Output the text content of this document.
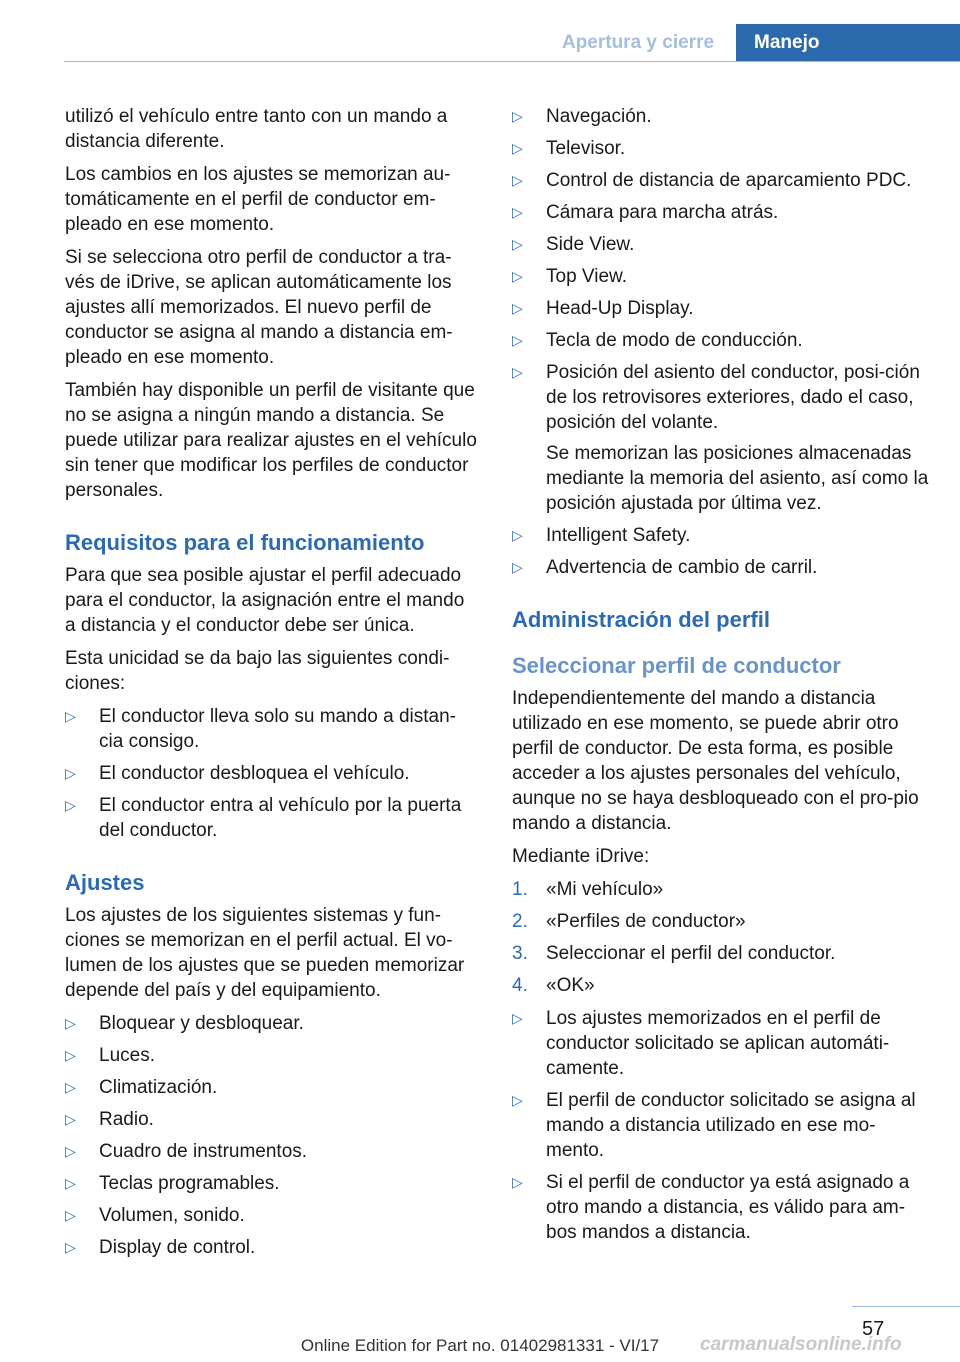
Apertura y cierre	Manejo

utilizó el vehículo entre tanto con un mando a distancia diferente.

Los cambios en los ajustes se memorizan au-tomáticamente en el perfil de conductor em-pleado en ese momento.

Si se selecciona otro perfil de conductor a tra-vés de iDrive, se aplican automáticamente los ajustes allí memorizados. El nuevo perfil de conductor se asigna al mando a distancia em-pleado en ese momento.

También hay disponible un perfil de visitante que no se asigna a ningún mando a distancia. Se puede utilizar para realizar ajustes en el vehículo sin tener que modificar los perfiles de conductor personales.

Requisitos para el funcionamiento

Para que sea posible ajustar el perfil adecuado para el conductor, la asignación entre el mando a distancia y el conductor debe ser única.

Esta unicidad se da bajo las siguientes condi-ciones:

▷ El conductor lleva solo su mando a distan-cia consigo.
▷ El conductor desbloquea el vehículo.
▷ El conductor entra al vehículo por la puerta del conductor.
Ajustes

Los ajustes de los siguientes sistemas y fun-ciones se memorizan en el perfil actual. El vo-lumen de los ajustes que se pueden memorizar depende del país y del equipamiento.

▷ Bloquear y desbloquear.
▷ Luces.
▷ Climatización.
▷ Radio.
▷ Cuadro de instrumentos.
▷ Teclas programables.
▷ Volumen, sonido.
▷ Display de control.
▷ Navegación.
▷ Televisor.
▷ Control de distancia de aparcamiento PDC.
▷ Cámara para marcha atrás.
▷ Side View.
▷ Top View.
▷ Head-Up Display.
▷ Tecla de modo de conducción.
▷ Posición del asiento del conductor, posi-ción de los retrovisores exteriores, dado el caso, posición del volante.

Se memorizan las posiciones almacenadas mediante la memoria del asiento, así como la posición ajustada por última vez.

▷ Intelligent Safety.
▷ Advertencia de cambio de carril.
Administración del perfil
Seleccionar perfil de conductor

Independientemente del mando a distancia utilizado en ese momento, se puede abrir otro perfil de conductor. De esta forma, es posible acceder a los ajustes personales del vehículo, aunque no se haya desbloqueado con el pro-pio mando a distancia.

Mediante iDrive:

1. «Mi vehículo»
2. «Perfiles de conductor»
3. Seleccionar el perfil del conductor.
4. «OK»
▷ Los ajustes memorizados en el perfil de conductor solicitado se aplican automáti-camente.
▷ El perfil de conductor solicitado se asigna al mando a distancia utilizado en ese mo-mento.
▷ Si el perfil de conductor ya está asignado a otro mando a distancia, es válido para am-bos mandos a distancia.
57
carmanualsonline.info
Online Edition for Part no. 01402981331 - VI/17
